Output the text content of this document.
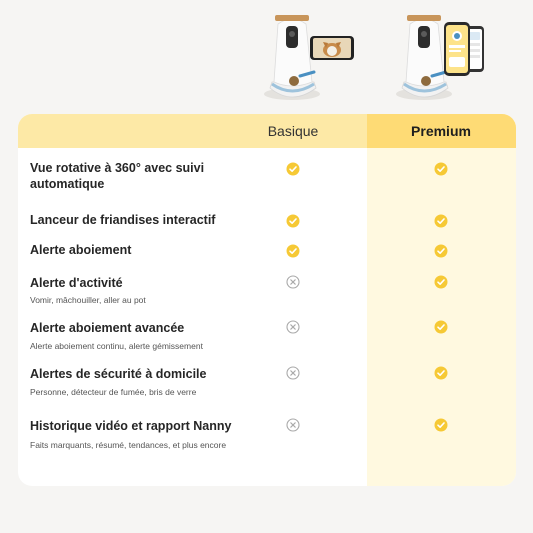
Basique	Premium
Vue rotative à 360° avec suivi automatique
Lanceur de friandises interactif
Alerte aboiement
Alerte d'activité
Vomir, mâchouiller, aller au pot
Alerte aboiement avancée
Alerte aboiement continu, alerte gémissement
Alertes de sécurité à domicile
Personne, détecteur de fumée, bris de verre
Historique vidéo et rapport Nanny
Faits marquants, résumé, tendances, et plus encore
